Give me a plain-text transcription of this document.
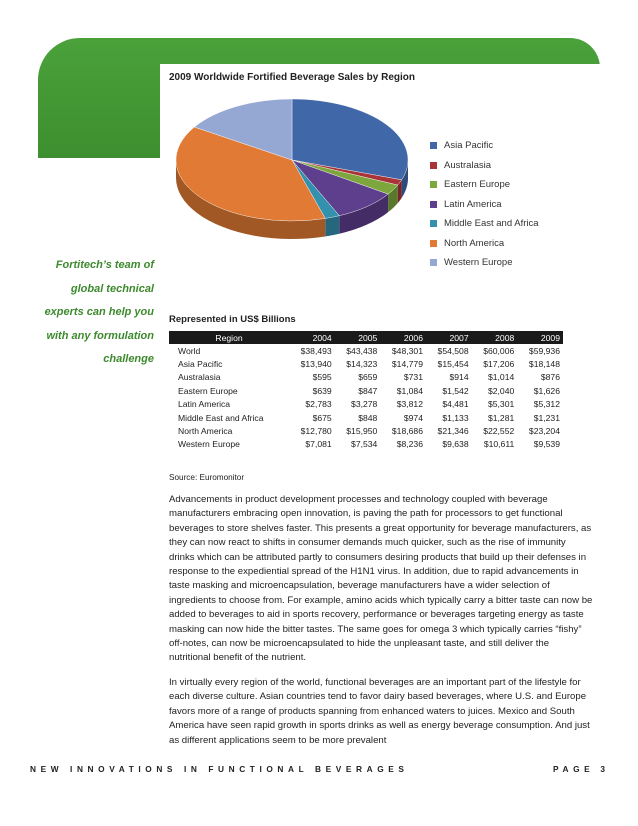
2009 Worldwide Fortified Beverage Sales by Region
Asia Pacific
Australasia
Eastern Europe
Latin America
Middle East and Africa
North America
Western Europe
Fortitech’s team of
global technical
experts can help you
with any formulation
challenge
Represented in US$ Billions
Region	2004	2005	2006	2007	2008	2009
World	$38,493	$43,438	$48,301	$54,508	$60,006	$59,936
Asia Pacific	$13,940	$14,323	$14,779	$15,454	$17,206	$18,148
Australasia	$595	$659	$731	$914	$1,014	$876
Eastern Europe	$639	$847	$1,084	$1,542	$2,040	$1,626
Latin America	$2,783	$3,278	$3,812	$4,481	$5,301	$5,312
Middle East and Africa	$675	$848	$974	$1,133	$1,281	$1,231
North America	$12,780	$15,950	$18,686	$21,346	$22,552	$23,204
Western Europe	$7,081	$7,534	$8,236	$9,638	$10,611	$9,539
Source: Euromonitor

Advancements in product development processes and technology coupled with beverage manufacturers embracing open innovation, is paving the path for processors to get functional beverages to store shelves faster. This presents a great opportunity for beverage manufacturers, as they can now react to shifts in consumer demands much quicker, such as the rise of immunity drinks which can be attributed partly to consumers desiring products that build up their defenses in response to the expediential spread of the H1N1 virus. In addition, due to rapid advancements in taste masking and microencapsulation, beverage manufacturers have a wider selection of ingredients to choose from. For example, amino acids which typically carry a bitter taste can now be added to beverages to aid in sports recovery, performance or beverages targeting energy as taste masking can now hide the bitter tastes. The same goes for omega 3 which typically carries “fishy” off-notes, can now be microencapsulated to hide the unpleasant taste, and still deliver the nutritional benefit of the nutrient.

In virtually every region of the world, functional beverages are an important part of the lifestyle for each diverse culture. Asian countries tend to favor dairy based beverages, where U.S. and Europe favors more of a range of products spanning from enhanced waters to juices. Mexico and South America have seen rapid growth in sports drinks as well as energy beverage consumption. And just as different applications seem to be more prevalent

NEW INNOVATIONS IN FUNCTIONAL BEVERAGES	PAGE 3
